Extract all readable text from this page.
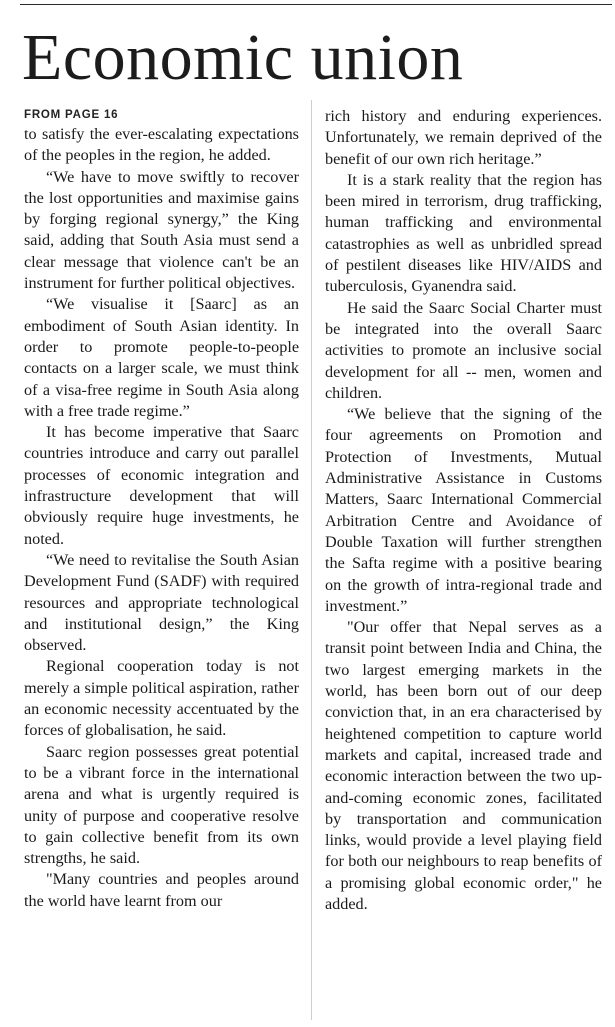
Economic union
FROM PAGE 16

to satisfy the ever-escalating expectations of the peoples in the region, he added.

“We have to move swiftly to recover the lost opportunities and maximise gains by forging regional synergy,” the King said, adding that South Asia must send a clear message that violence can't be an instrument for further political objectives.

“We visualise it [Saarc] as an embodiment of South Asian identity. In order to promote people-to-people contacts on a larger scale, we must think of a visa-free regime in South Asia along with a free trade regime.”

It has become imperative that Saarc countries introduce and carry out parallel processes of economic integration and infrastructure development that will obviously require huge investments, he noted.

“We need to revitalise the South Asian Development Fund (SADF) with required resources and appropriate technological and institutional design,” the King observed.

Regional cooperation today is not merely a simple political aspiration, rather an economic necessity accentuated by the forces of globalisation, he said.

Saarc region possesses great potential to be a vibrant force in the international arena and what is urgently required is unity of purpose and cooperative resolve to gain collective benefit from its own strengths, he said.

"Many countries and peoples around the world have learnt from our

rich history and enduring experiences. Unfortunately, we remain deprived of the benefit of our own rich heritage.”

It is a stark reality that the region has been mired in terrorism, drug trafficking, human trafficking and environmental catastrophies as well as unbridled spread of pestilent diseases like HIV/AIDS and tuberculosis, Gyanendra said.

He said the Saarc Social Charter must be integrated into the overall Saarc activities to promote an inclusive social development for all -- men, women and children.

“We believe that the signing of the four agreements on Promotion and Protection of Investments, Mutual Administrative Assistance in Customs Matters, Saarc International Commercial Arbitration Centre and Avoidance of Double Taxation will further strengthen the Safta regime with a positive bearing on the growth of intra-regional trade and investment.”

"Our offer that Nepal serves as a transit point between India and China, the two largest emerging markets in the world, has been born out of our deep conviction that, in an era characterised by heightened competition to capture world markets and capital, increased trade and economic interaction between the two up-and-coming economic zones, facilitated by transportation and communication links, would provide a level playing field for both our neighbours to reap benefits of a promising global economic order," he added.
